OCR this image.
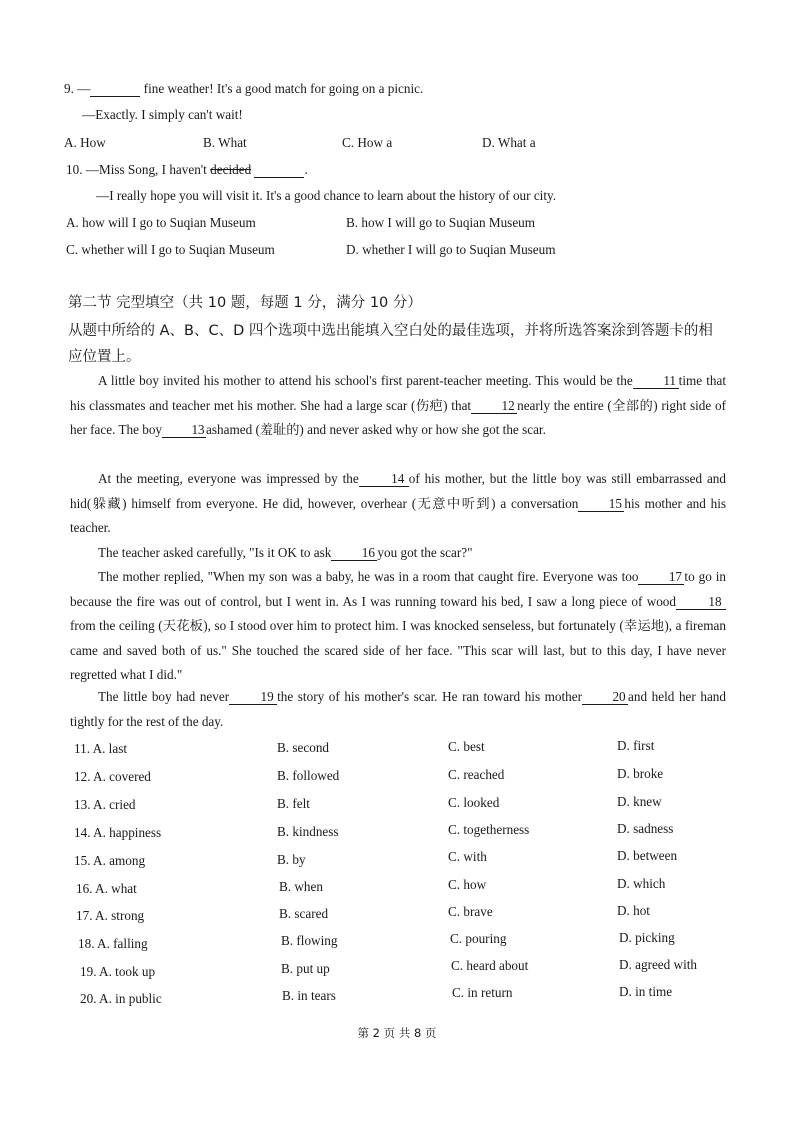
9. —	fine weather! It's a good match for going on a picnic.
—Exactly. I simply can't wait!
A. How	B. What	C. How a	D. What a
10. —Miss Song, I haven't decided	.
—I really hope you will visit it. It's a good chance to learn about the history of our city.
A. how will I go to Suqian Museum	B. how I will go to Suqian Museum
C. whether will I go to Suqian Museum	D. whether I will go to Suqian Museum
第二节 完型填空（共 10 题，每题 1 分，满分 10 分）
从题中所给的 A、B、C、D 四个选项中选出能填入空白处的最佳选项，并将所选答案涂到答题卡的相应位置上。
A little boy invited his mother to attend his school's first parent-teacher meeting. This would be the 11 time that his classmates and teacher met his mother. She had a large scar (伤疤) that 12 nearly the entire (全部的) right side of her face. The boy 13ashamed (羞耻的) and never asked why or how she got the scar.
At the meeting, everyone was impressed by the 14 of his mother, but the little boy was still embarrassed and hid(躲藏) himself from everyone. He did, however, overhear (无意中听到) a conversation 15 his mother and his teacher.
The teacher asked carefully, "Is it OK to ask 16 you got the scar?"
The mother replied, "When my son was a baby, he was in a room that caught fire. Everyone was too 17 to go in because the fire was out of control, but I went in. As I was running toward his bed, I saw a long piece of wood 18from the ceiling (天花板), so I stood over him to protect him. I was knocked senseless, but fortunately (幸运地), a fireman came and saved both of us." She touched the scared side of her face. "This scar will last, but to this day, I have never regretted what I did."
The little boy had never 19 the story of his mother's scar. He ran toward his mother 20 and held her hand tightly for the rest of the day.
11. A. last	B. second	C. best	D. first
12. A. covered	B. followed	C. reached	D. broke
13. A. cried	B. felt	C. looked	D. knew
14. A. happiness	B. kindness	C. togetherness	D. sadness
15. A. among	B. by	C. with	D. between
16. A. what	B. when	C. how	D. which
17. A. strong	B. scared	C. brave	D. hot
18. A. falling	B. flowing	C. pouring	D. picking
19. A. took up	B. put up	C. heard about	D. agreed with
20. A. in public	B. in tears	C. in return	D. in time
第 2 页 共 8 页
